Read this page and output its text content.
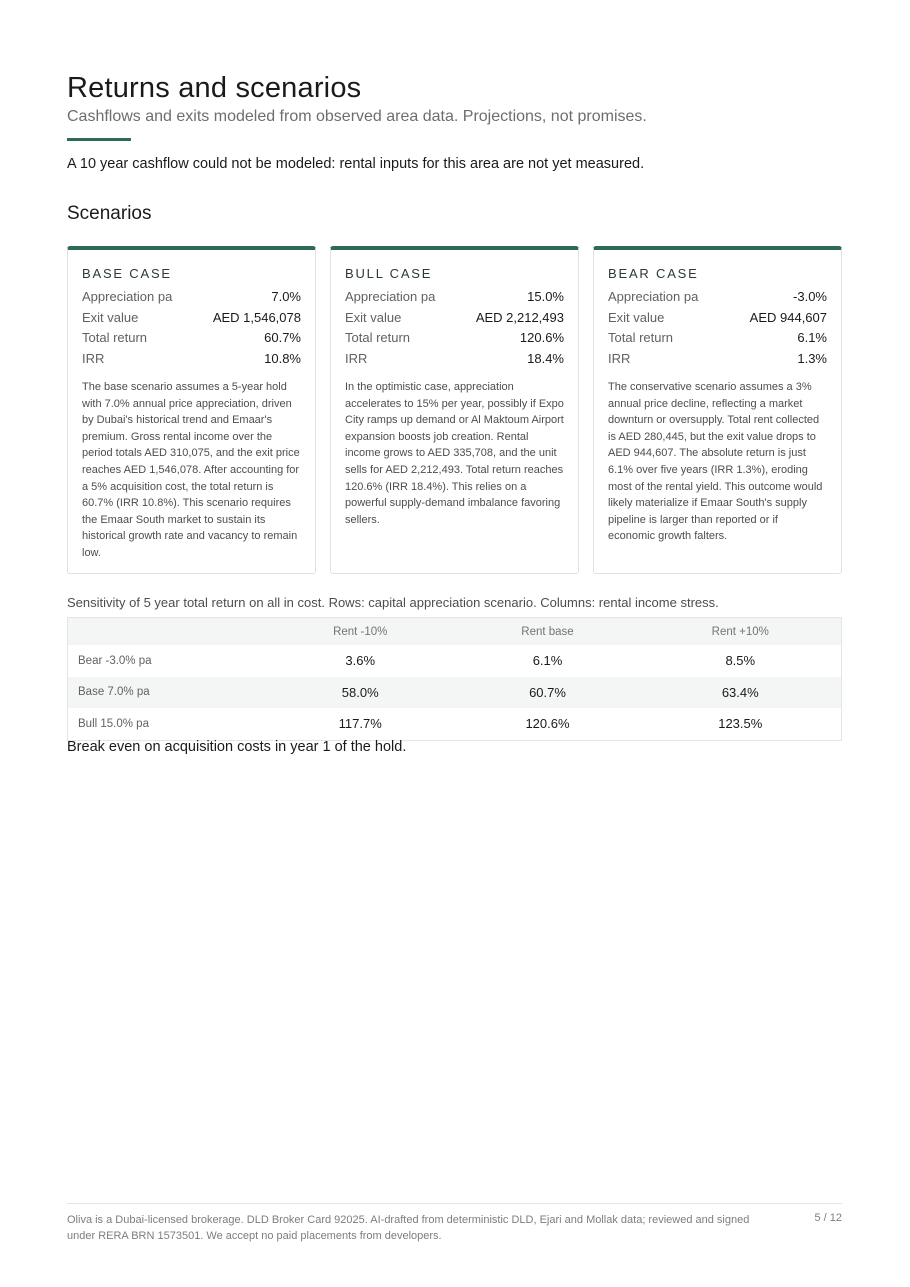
Returns and scenarios

Cashflows and exits modeled from observed area data. Projections, not promises.

A 10 year cashflow could not be modeled: rental inputs for this area are not yet measured.

Scenarios
BASE CASE
Appreciation pa	7.0%
Exit value	AED 1,546,078
Total return	60.7%
IRR	10.8%
The base scenario assumes a 5-year hold with 7.0% annual price appreciation, driven by Dubai's historical trend and Emaar's premium. Gross rental income over the period totals AED 310,075, and the exit price reaches AED 1,546,078. After accounting for a 5% acquisition cost, the total return is 60.7% (IRR 10.8%). This scenario requires the Emaar South market to sustain its historical growth rate and vacancy to remain low.
BULL CASE
Appreciation pa	15.0%
Exit value	AED 2,212,493
Total return	120.6%
IRR	18.4%
In the optimistic case, appreciation accelerates to 15% per year, possibly if Expo City ramps up demand or Al Maktoum Airport expansion boosts job creation. Rental income grows to AED 335,708, and the unit sells for AED 2,212,493. Total return reaches 120.6% (IRR 18.4%). This relies on a powerful supply-demand imbalance favoring sellers.
BEAR CASE
Appreciation pa	-3.0%
Exit value	AED 944,607
Total return	6.1%
IRR	1.3%
The conservative scenario assumes a 3% annual price decline, reflecting a market downturn or oversupply. Total rent collected is AED 280,445, but the exit value drops to AED 944,607. The absolute return is just 6.1% over five years (IRR 1.3%), eroding most of the rental yield. This outcome would likely materialize if Emaar South's supply pipeline is larger than reported or if economic growth falters.

Sensitivity of 5 year total return on all in cost. Rows: capital appreciation scenario. Columns: rental income stress.

	Rent -10%	Rent base	Rent +10%
Bear -3.0% pa	3.6%	6.1%	8.5%
Base 7.0% pa	58.0%	60.7%	63.4%
Bull 15.0% pa	117.7%	120.6%	123.5%

Break even on acquisition costs in year 1 of the hold.

Oliva is a Dubai-licensed brokerage. DLD Broker Card 92025. AI-drafted from deterministic DLD, Ejari and Mollak data; reviewed and signed under RERA BRN 1573501. We accept no paid placements from developers.

5 / 12
